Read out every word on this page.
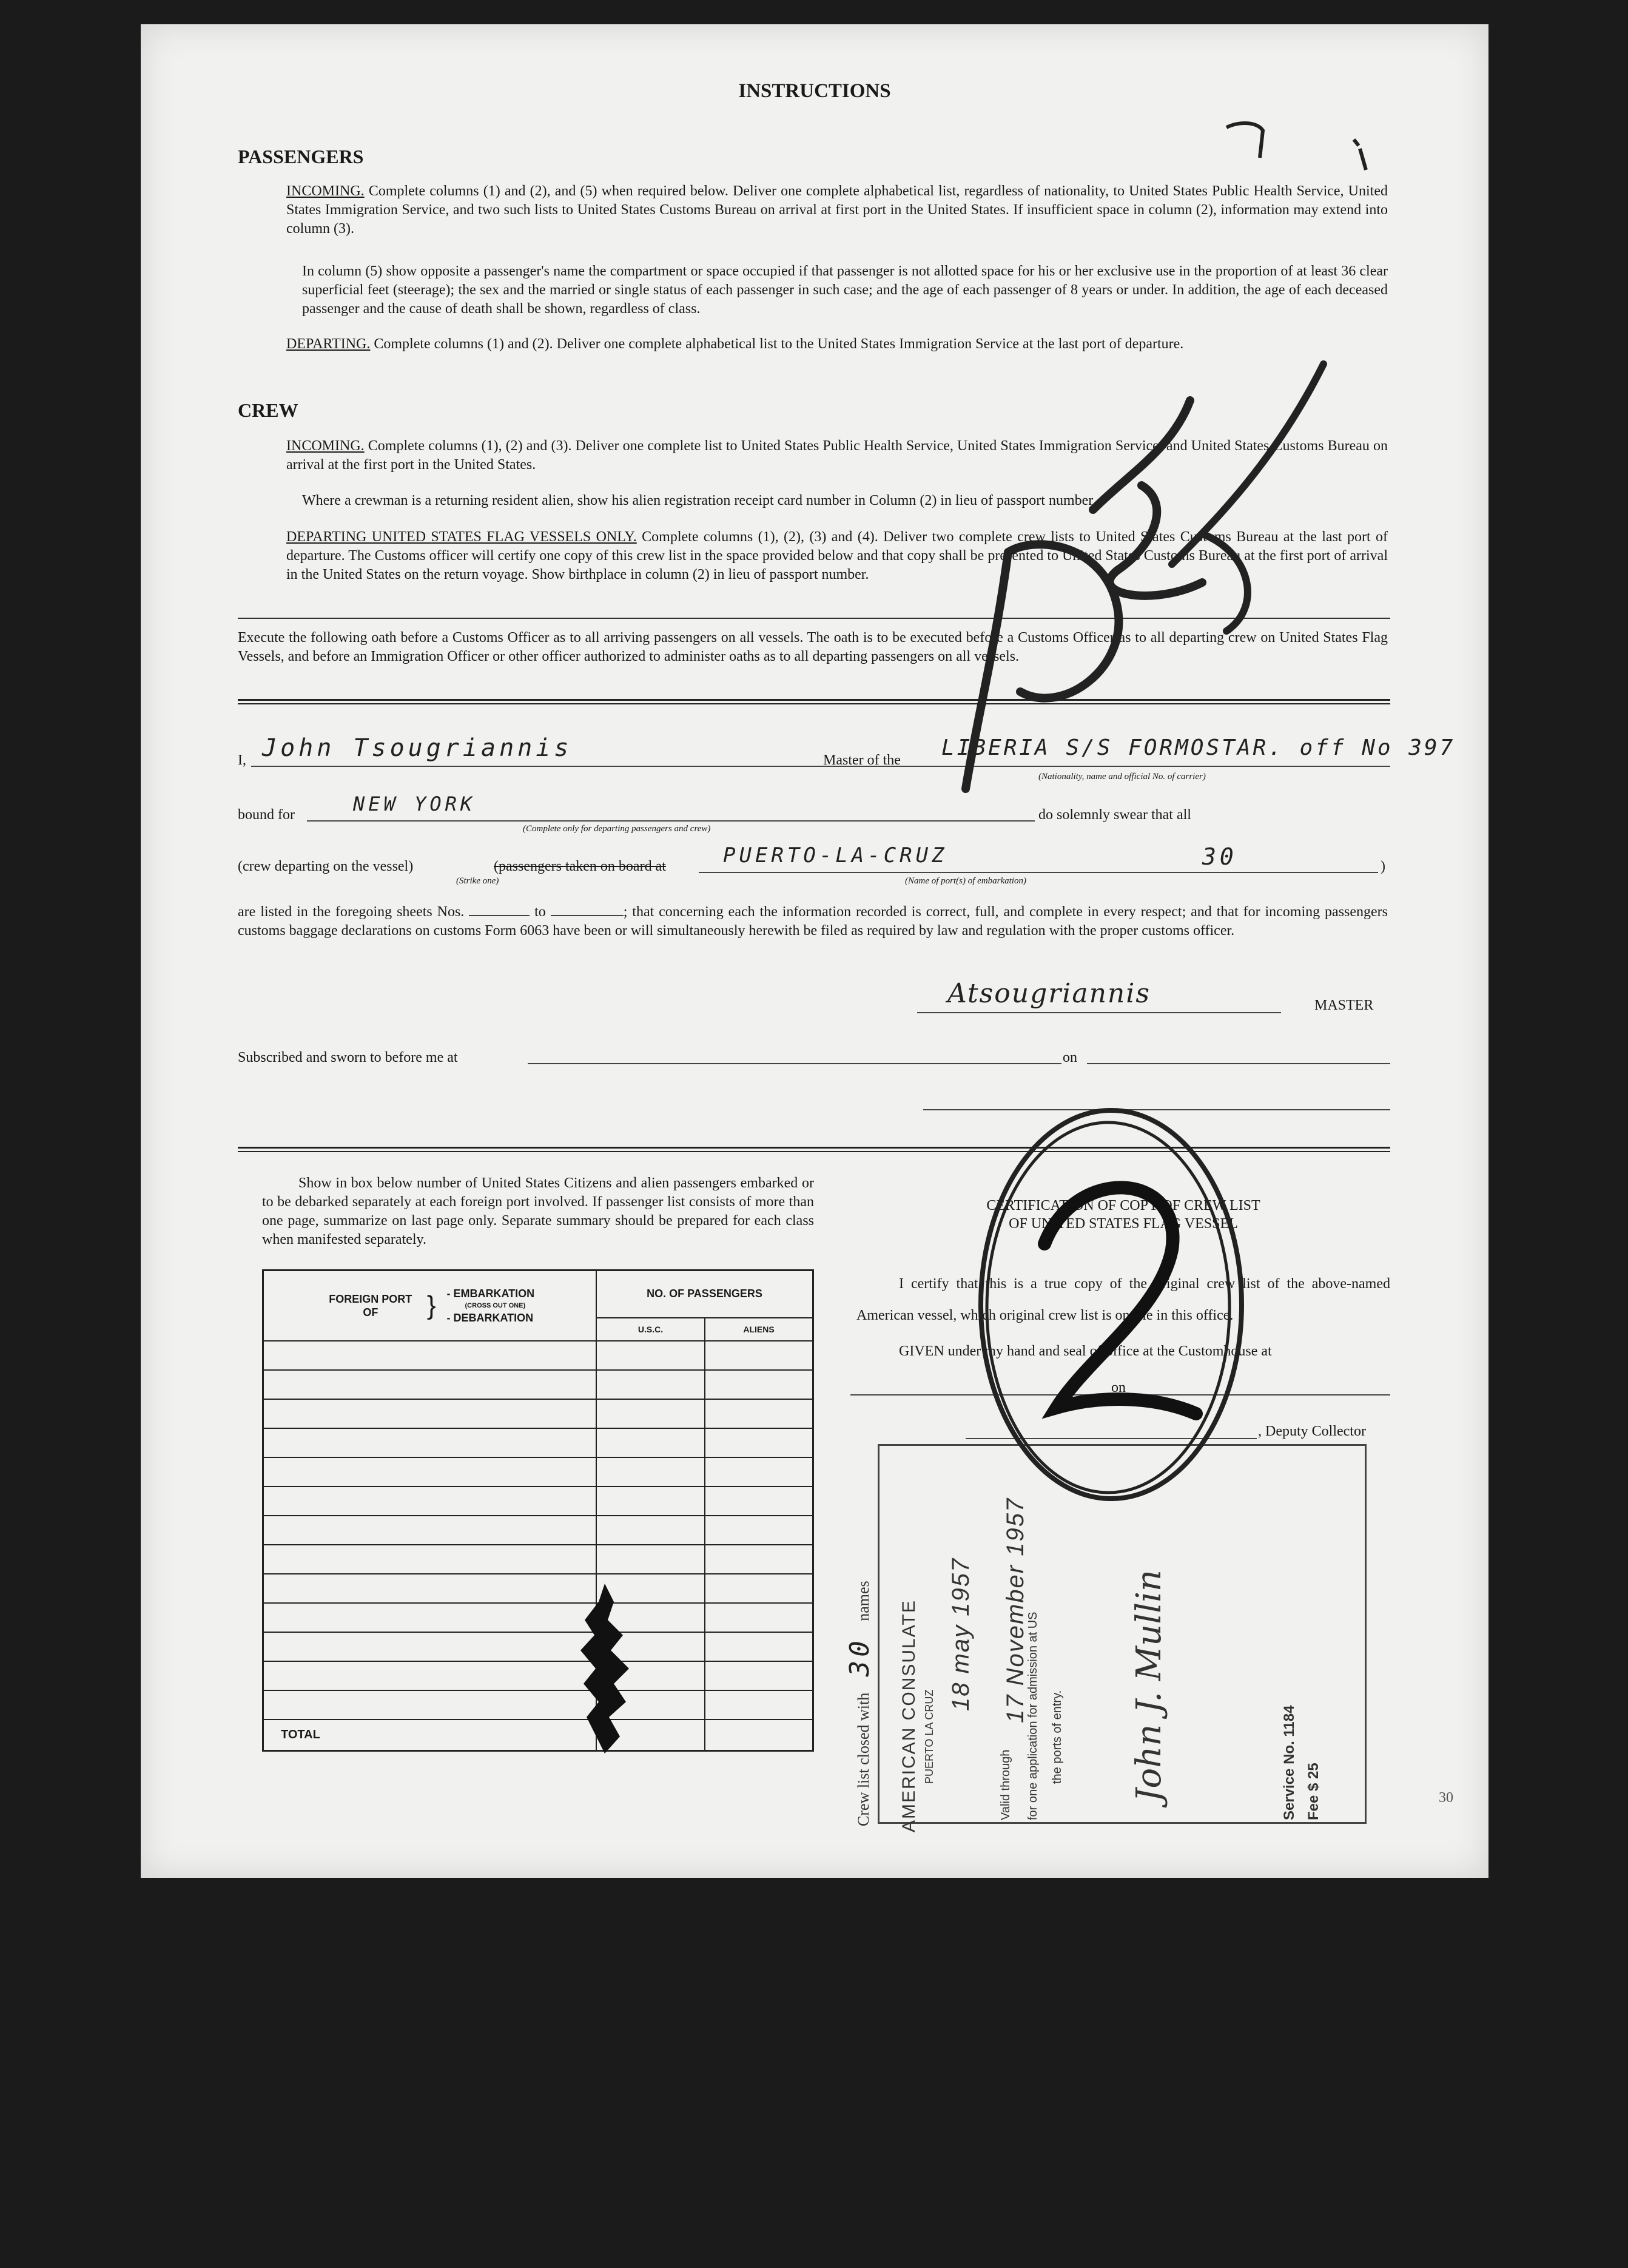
INSTRUCTIONS
PASSENGERS
INCOMING. Complete columns (1) and (2), and (5) when required below. Deliver one complete alphabetical list, regardless of nationality, to United States Public Health Service, United States Immigration Service, and two such lists to United States Customs Bureau on arrival at first port in the United States. If insufficient space in column (2), information may extend into column (3).
In column (5) show opposite a passenger's name the compartment or space occupied if that passenger is not allotted space for his or her exclusive use in the proportion of at least 36 clear superficial feet (steerage); the sex and the married or single status of each passenger in such case; and the age of each passenger of 8 years or under. In addition, the age of each deceased passenger and the cause of death shall be shown, regardless of class.
DEPARTING. Complete columns (1) and (2). Deliver one complete alphabetical list to the United States Immigration Service at the last port of departure.
CREW
INCOMING. Complete columns (1), (2) and (3). Deliver one complete list to United States Public Health Service, United States Immigration Service, and United States Customs Bureau on arrival at the first port in the United States.
Where a crewman is a returning resident alien, show his alien registration receipt card number in Column (2) in lieu of passport number.
DEPARTING UNITED STATES FLAG VESSELS ONLY. Complete columns (1), (2), (3) and (4). Deliver two complete crew lists to United States Customs Bureau at the last port of departure. The Customs officer will certify one copy of this crew list in the space provided below and that copy shall be presented to United States Customs Bureau at the first port of arrival in the United States on the return voyage. Show birthplace in column (2) in lieu of passport number.
Execute the following oath before a Customs Officer as to all arriving passengers on all vessels. The oath is to be executed before a Customs Officer as to all departing crew on United States Flag Vessels, and before an Immigration Officer or other officer authorized to administer oaths as to all departing passengers on all vessels.
I, John Tsougriannis	Master of the LIBERIA S/S FORMOSTAR. off No 397
(Nationality, name and official No. of carrier)
bound for	NEW YORK
(Complete only for departing passengers and crew)
do solemnly swear that all
(crew departing on the vessel)
(Strike one)
(passengers taken on board at	PUERTO-LA-CRUZ	30
(Name of port(s) of embarkation)
)
are listed in the foregoing sheets Nos.	to	; that concerning each the information recorded is correct, full, and complete in every respect; and that for incoming passengers customs baggage declarations on customs Form 6063 have been or will simultaneously herewith be filed as required by law and regulation with the proper customs officer.
Atsougriannis	MASTER
Subscribed and sworn to before me at	on
Show in box below number of United States Citizens and alien passengers embarked or to be debarked separately at each foreign port involved. If passenger list consists of more than one page, summarize on last page only. Separate summary should be prepared for each class when manifested separately.
FOREIGN PORT OF } - EMBARKATION
(CROSS OUT ONE)
- DEBARKATION	NO. OF PASSENGERS	
	U.S.C.	ALIENS

TOTAL		
CERTIFICATION OF COPY OF CREW LIST
OF UNITED STATES FLAG VESSEL
I certify that this is a true copy of the original crew list of the above-named American vessel, which original crew list is on file in this office.
GIVEN under my hand and seal of office at the Customhouse at
on
, Deputy Collector
Crew list closed with 30 names AMERICAN CONSULATE PUERTO LA CRUZ
Valid through
18 may 1957 17 November 1957
for one application for admission at US the ports of entry. John J. Mullin	Service No. 1184 Fee $ 25	30
